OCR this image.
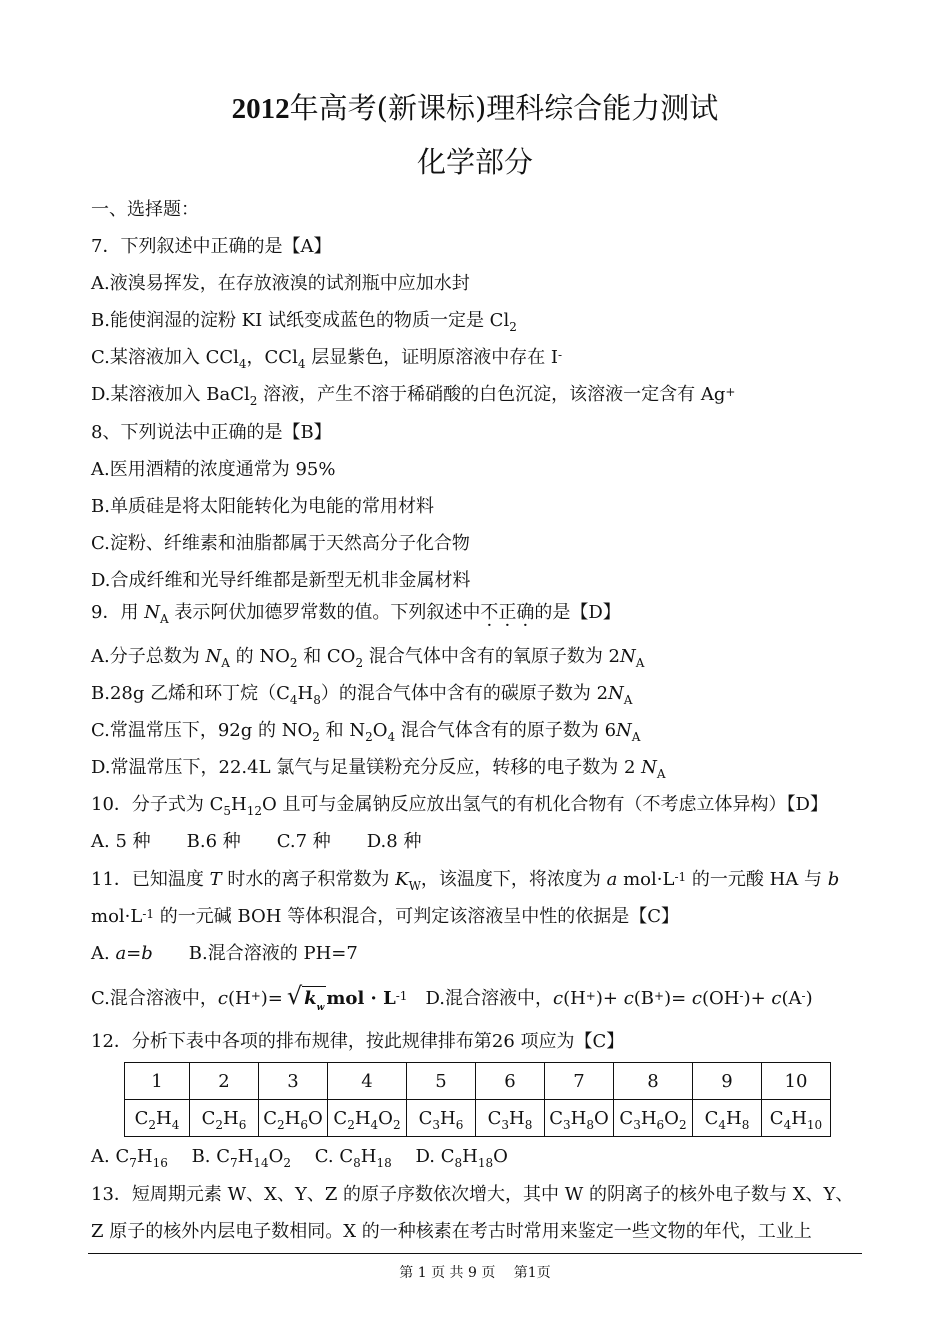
2012年高考(新课标)理科综合能力测试
化学部分
一、选择题：
7．下列叙述中正确的是【A】
A.液溴易挥发，在存放液溴的试剂瓶中应加水封
B.能使润湿的淀粉 KI 试纸变成蓝色的物质一定是 $Cl_2$
C.某溶液加入 CCl$_4$，CCl$_4$ 层显紫色，证明原溶液中存在 I-
D.某溶液加入 BaCl$_2$ 溶液，产生不溶于稀硝酸的白色沉淀，该溶液一定含有 Ag+
8、下列说法中正确的是【B】
A.医用酒精的浓度通常为 95%
B.单质硅是将太阳能转化为电能的常用材料
C.淀粉、纤维素和油脂都属于天然高分子化合物
D.合成纤维和光导纤维都是新型无机非金属材料
9．用 $N_A$ 表示阿伏加德罗常数的值。下列叙述中不正确的是【D】
A.分子总数为 $N_A$ 的 $NO_2$ 和 $CO_2$ 混合气体中含有的氧原子数为 $2N_A$
B.28g 乙烯和环丁烷$(C_4H_8)$的混合气体中含有的碳原子数为 $2N_A$
C.常温常压下，92g 的 $NO_2$ 和 $N_2O_4$ 混合气体含有的原子数为 $6N_A$
D.常温常压下，22.4L 氯气与足量镁粉充分反应，转移的电子数为 2 $N_A$
10．分子式为 $C_5H_{12}O$ 且可与金属钠反应放出氢气的有机化合物有（不考虑立体异构）【D】
A. 5 种　　B.6 种　　C.7 种　　D.8 种
11．已知温度 T 时水的离子积常数为 $K_W$，该温度下，将浓度为 a $mol\cdot L^{-1}$ 的一元酸 HA 与 b
$mol\cdot L^{-1}$ 的一元碱 BOH 等体积混合，可判定该溶液呈中性的依据是【C】
A. a=b　　B.混合溶液的 PH=7
C.混合溶液中，c(H+)= √ $k_w$ mol · $L^{-1}$　D.混合溶液中，c(H+)+ c(B+)= c(OH-)+ c(A-)
12．分析下表中各项的排布规律，按此规律排布第26 项应为【C】
1	2	3	4	5	6	7	8	9	10
$C_2H_4$	$C_2H_6$	$C_2H_6O$	$C_2H_4O_2$	$C_3H_6$	$C_3H_8$	$C_3H_8O$	$C_3H_6O_2$	$C_4H_8$	$C_4H_{10}$
A. $C_7H_{16}$　 B. $C_7H_{14}O_2$　 C. $C_8H_{18}$　 D. $C_8H_{18}O$
13．短周期元素 W、X、Y、Z 的原子序数依次增大，其中 W 的阴离子的核外电子数与 X、Y、
Z 原子的核外内层电子数相同。X 的一种核素在考古时常用来鉴定一些文物的年代，工业上
第 1 页 共 9 页　 第1页
